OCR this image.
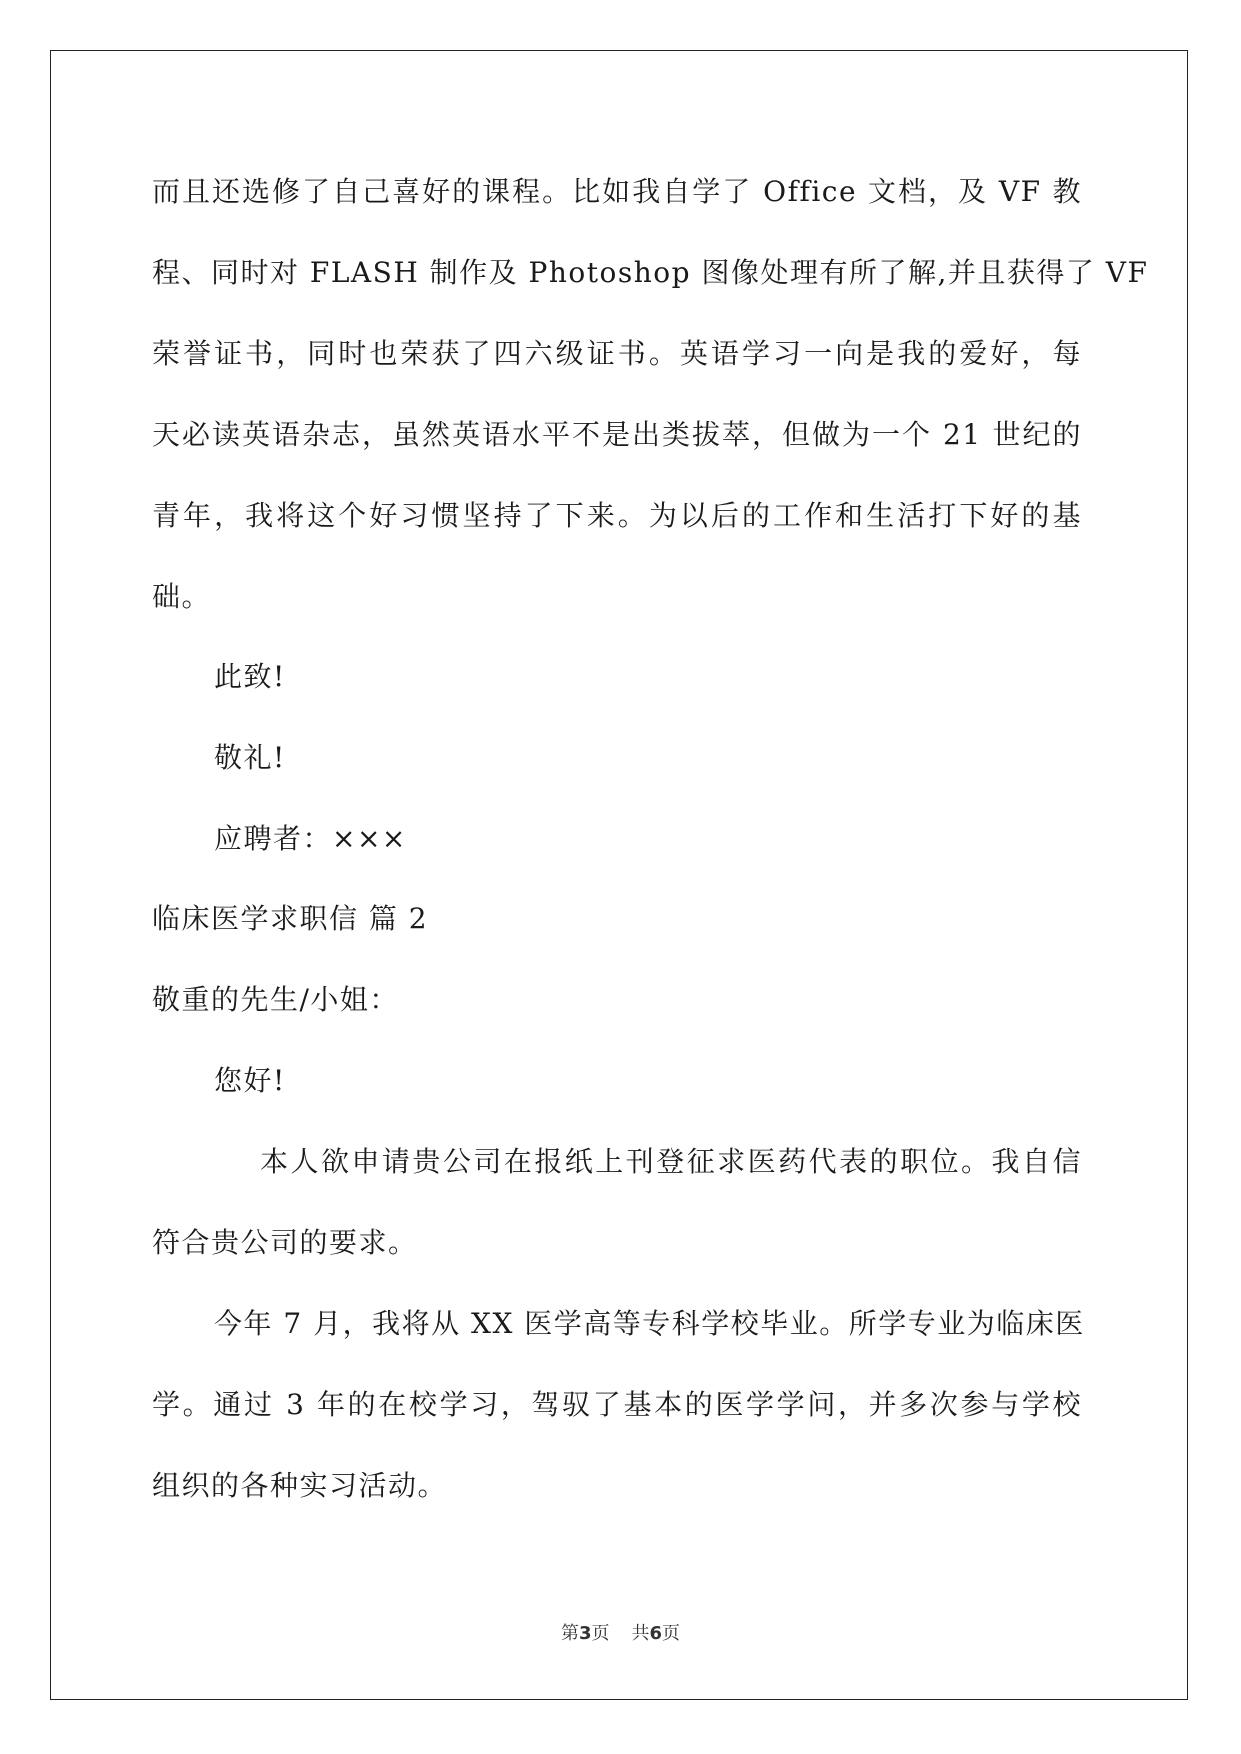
而且还选修了自己喜好的课程。比如我自学了 Office 文档，及 VF 教
程、同时对 FLASH 制作及 Photoshop 图像处理有所了解,并且获得了 VF
荣誉证书，同时也荣获了四六级证书。英语学习一向是我的爱好，每
天必读英语杂志，虽然英语水平不是出类拔萃，但做为一个 21 世纪的
青年，我将这个好习惯坚持了下来。为以后的工作和生活打下好的基
础。
此致!
敬礼!
应聘者：×××
临床医学求职信 篇 2
敬重的先生/小姐：
您好!
本人欲申请贵公司在报纸上刊登征求医药代表的职位。我自信
符合贵公司的要求。
今年 7 月，我将从 XX 医学高等专科学校毕业。所学专业为临床医
学。通过 3 年的在校学习，驾驭了基本的医学学问，并多次参与学校
组织的各种实习活动。
第3页 共6页
